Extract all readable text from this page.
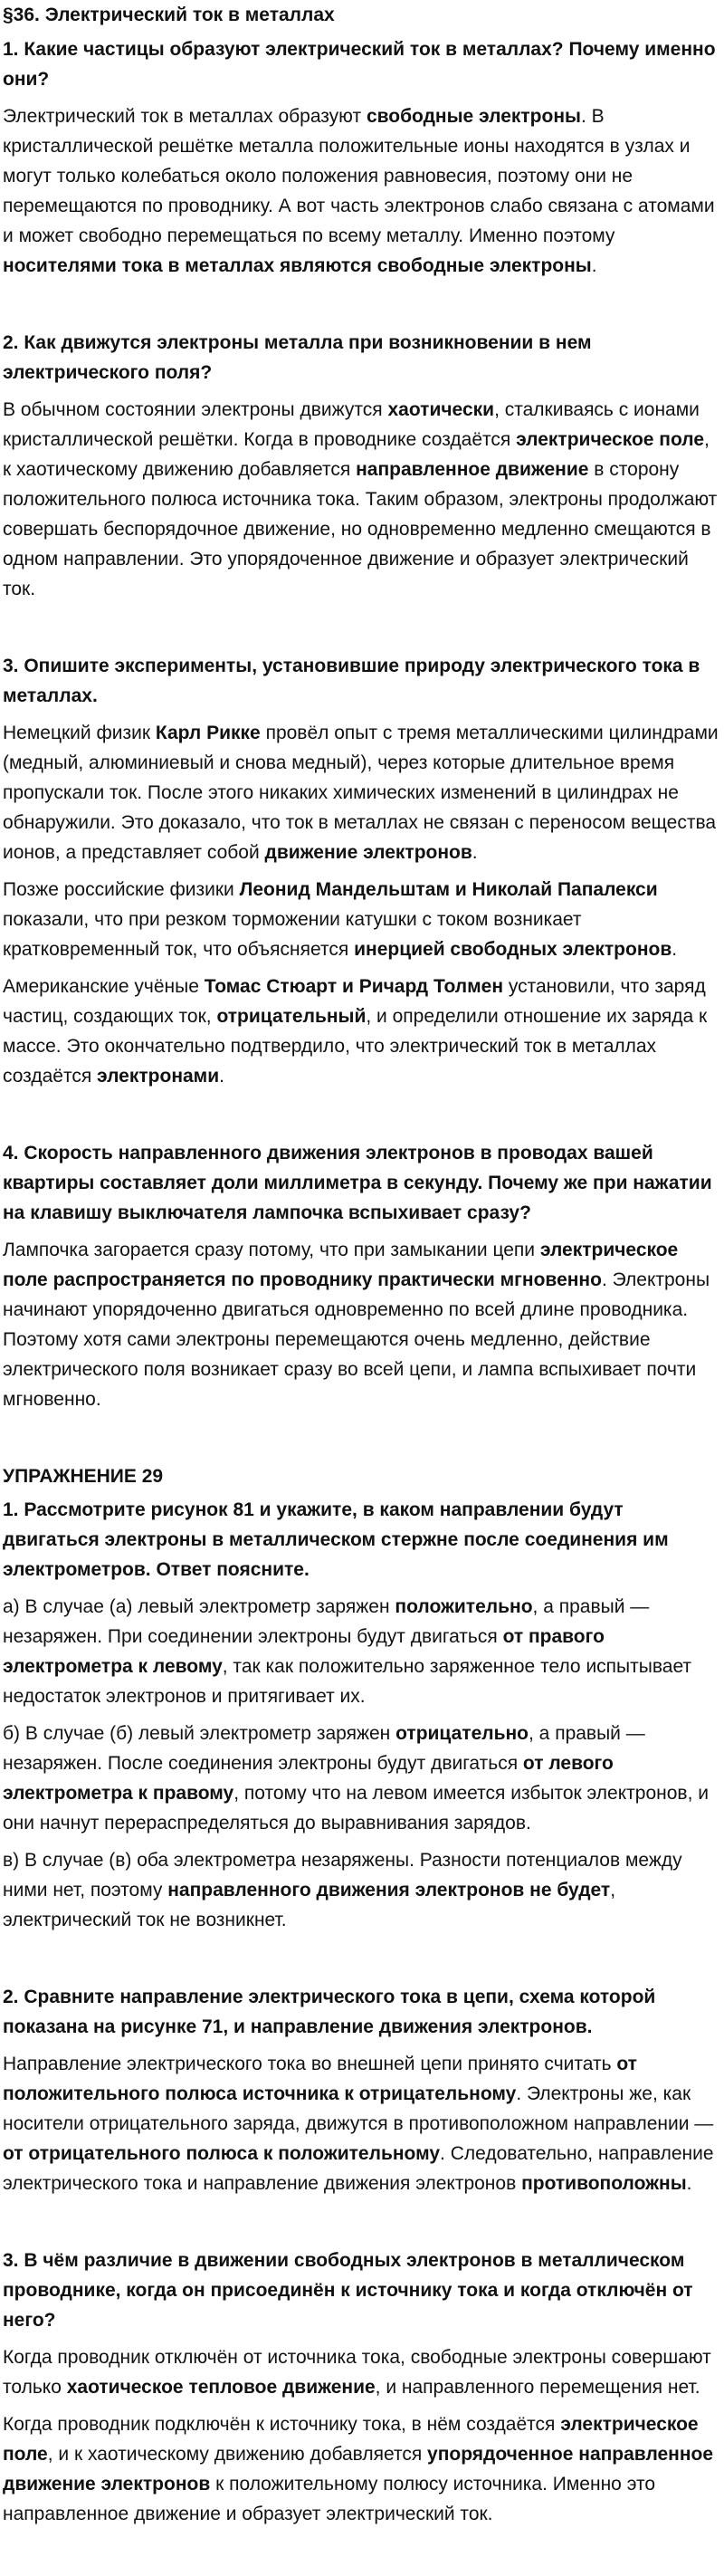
§36. Электрический ток в металлах
1. Какие частицы образуют электрический ток в металлах? Почему именно они?
Электрический ток в металлах образуют свободные электроны. В кристаллической решётке металла положительные ионы находятся в узлах и могут только колебаться около положения равновесия, поэтому они не перемещаются по проводнику. А вот часть электронов слабо связана с атомами и может свободно перемещаться по всему металлу. Именно поэтому носителями тока в металлах являются свободные электроны.
2. Как движутся электроны металла при возникновении в нем электрического поля?
В обычном состоянии электроны движутся хаотически, сталкиваясь с ионами кристаллической решётки. Когда в проводнике создаётся электрическое поле, к хаотическому движению добавляется направленное движение в сторону положительного полюса источника тока. Таким образом, электроны продолжают совершать беспорядочное движение, но одновременно медленно смещаются в одном направлении. Это упорядоченное движение и образует электрический ток.
3. Опишите эксперименты, установившие природу электрического тока в металлах.
Немецкий физик Карл Рикке провёл опыт с тремя металлическими цилиндрами (медный, алюминиевый и снова медный), через которые длительное время пропускали ток. После этого никаких химических изменений в цилиндрах не обнаружили. Это доказало, что ток в металлах не связан с переносом вещества ионов, а представляет собой движение электронов.
Позже российские физики Леонид Мандельштам и Николай Папалекси показали, что при резком торможении катушки с током возникает кратковременный ток, что объясняется инерцией свободных электронов.
Американские учёные Томас Стюарт и Ричард Толмен установили, что заряд частиц, создающих ток, отрицательный, и определили отношение их заряда к массе. Это окончательно подтвердило, что электрический ток в металлах создаётся электронами.
4. Скорость направленного движения электронов в проводах вашей квартиры составляет доли миллиметра в секунду. Почему же при нажатии на клавишу выключателя лампочка вспыхивает сразу?
Лампочка загорается сразу потому, что при замыкании цепи электрическое поле распространяется по проводнику практически мгновенно. Электроны начинают упорядоченно двигаться одновременно по всей длине проводника. Поэтому хотя сами электроны перемещаются очень медленно, действие электрического поля возникает сразу во всей цепи, и лампа вспыхивает почти мгновенно.
УПРАЖНЕНИЕ 29
1. Рассмотрите рисунок 81 и укажите, в каком направлении будут двигаться электроны в металлическом стержне после соединения им электрометров. Ответ поясните.
а) В случае (а) левый электрометр заряжен положительно, а правый — незаряжен. При соединении электроны будут двигаться от правого электрометра к левому, так как положительно заряженное тело испытывает недостаток электронов и притягивает их.
б) В случае (б) левый электрометр заряжен отрицательно, а правый — незаряжен. После соединения электроны будут двигаться от левого электрометра к правому, потому что на левом имеется избыток электронов, и они начнут перераспределяться до выравнивания зарядов.
в) В случае (в) оба электрометра незаряжены. Разности потенциалов между ними нет, поэтому направленного движения электронов не будет, электрический ток не возникнет.
2. Сравните направление электрического тока в цепи, схема которой показана на рисунке 71, и направление движения электронов.
Направление электрического тока во внешней цепи принято считать от положительного полюса источника к отрицательному. Электроны же, как носители отрицательного заряда, движутся в противоположном направлении — от отрицательного полюса к положительному. Следовательно, направление электрического тока и направление движения электронов противоположны.
3. В чём различие в движении свободных электронов в металлическом проводнике, когда он присоединён к источнику тока и когда отключён от него?
Когда проводник отключён от источника тока, свободные электроны совершают только хаотическое тепловое движение, и направленного перемещения нет.
Когда проводник подключён к источнику тока, в нём создаётся электрическое поле, и к хаотическому движению добавляется упорядоченное направленное движение электронов к положительному полюсу источника. Именно это направленное движение и образует электрический ток.
